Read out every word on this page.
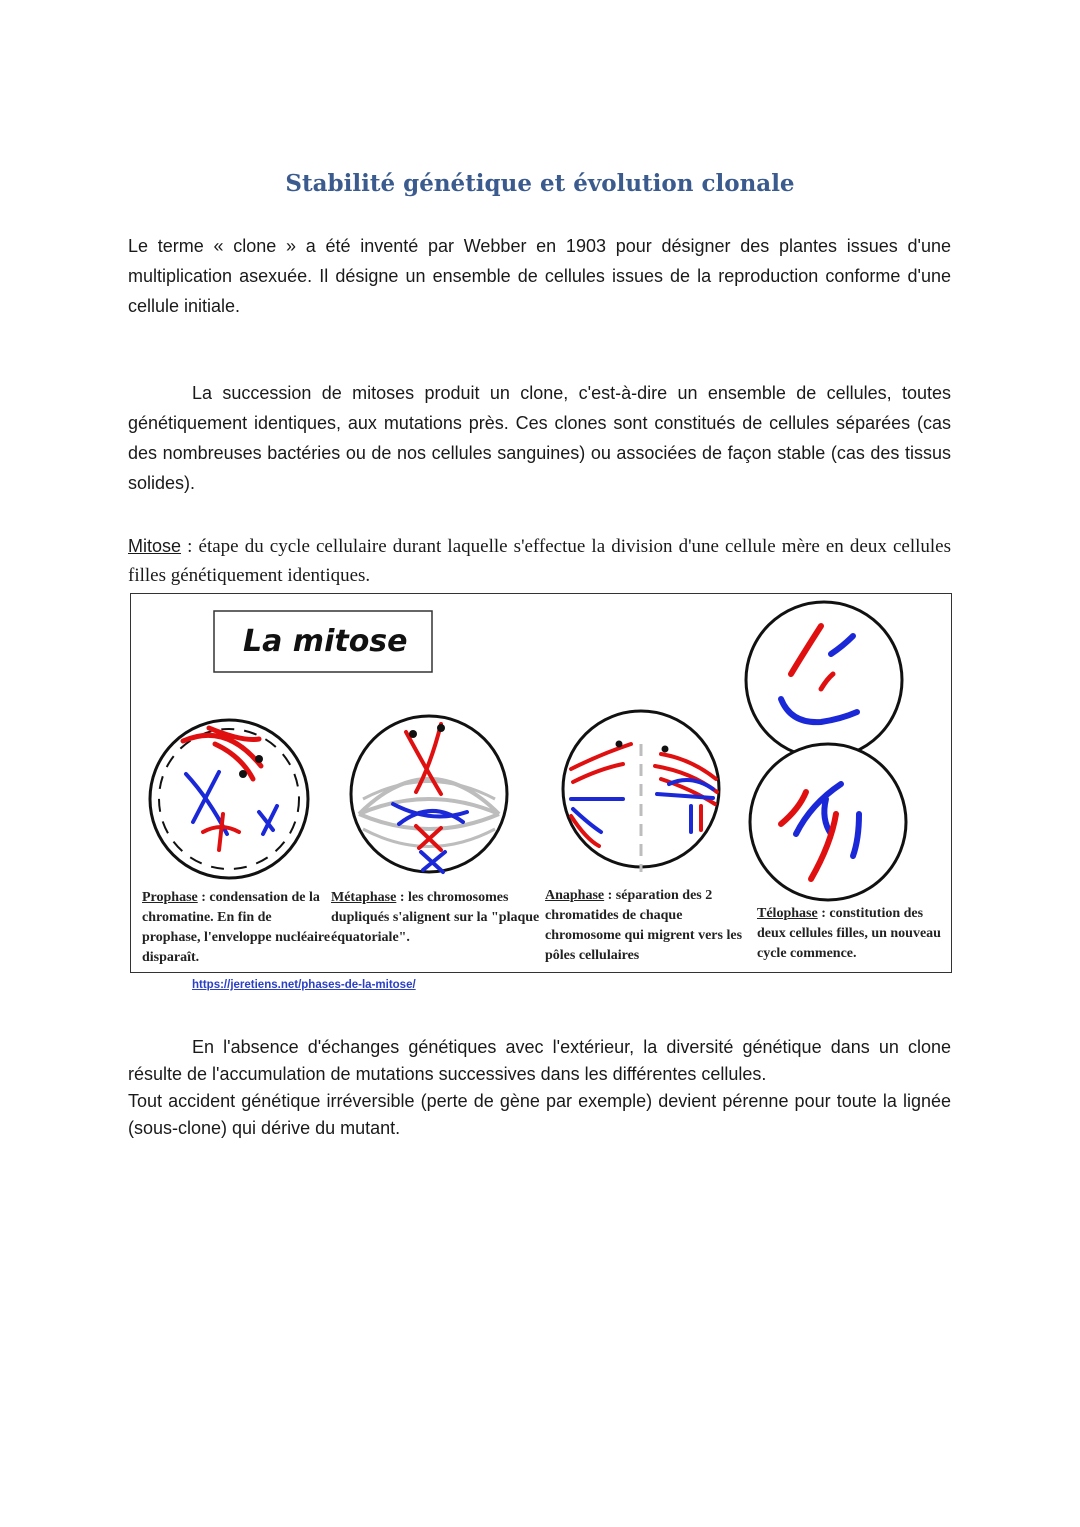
Stabilité génétique et évolution clonale

Le terme « clone » a été inventé par Webber en 1903 pour désigner des plantes issues d'une multiplication asexuée. Il désigne un ensemble de cellules issues de la reproduction conforme d'une cellule initiale.

La succession de mitoses produit un clone, c'est-à-dire un ensemble de cellules, toutes génétiquement identiques, aux mutations près. Ces clones sont constitués de cellules séparées (cas des nombreuses bactéries ou de nos cellules sanguines) ou associées de façon stable (cas des tissus solides).

Mitose : étape du cycle cellulaire durant laquelle s'effectue la division d'une cellule mère en deux cellules filles génétiquement identiques.

La mitose

Prophase : condensation de la chromatine. En fin de prophase, l'enveloppe nucléaire disparaît.

Métaphase : les chromosomes dupliqués s'alignent sur la "plaque équatoriale".

Anaphase : séparation des 2 chromatides de chaque chromosome qui migrent vers les pôles cellulaires

Télophase : constitution des deux cellules filles, un nouveau cycle commence.

https://jeretiens.net/phases-de-la-mitose/

En l'absence d'échanges génétiques avec l'extérieur, la diversité génétique dans un clone résulte de l'accumulation de mutations successives dans les différentes cellules.
Tout accident génétique irréversible (perte de gène par exemple) devient pérenne pour toute la lignée (sous-clone) qui dérive du mutant.
